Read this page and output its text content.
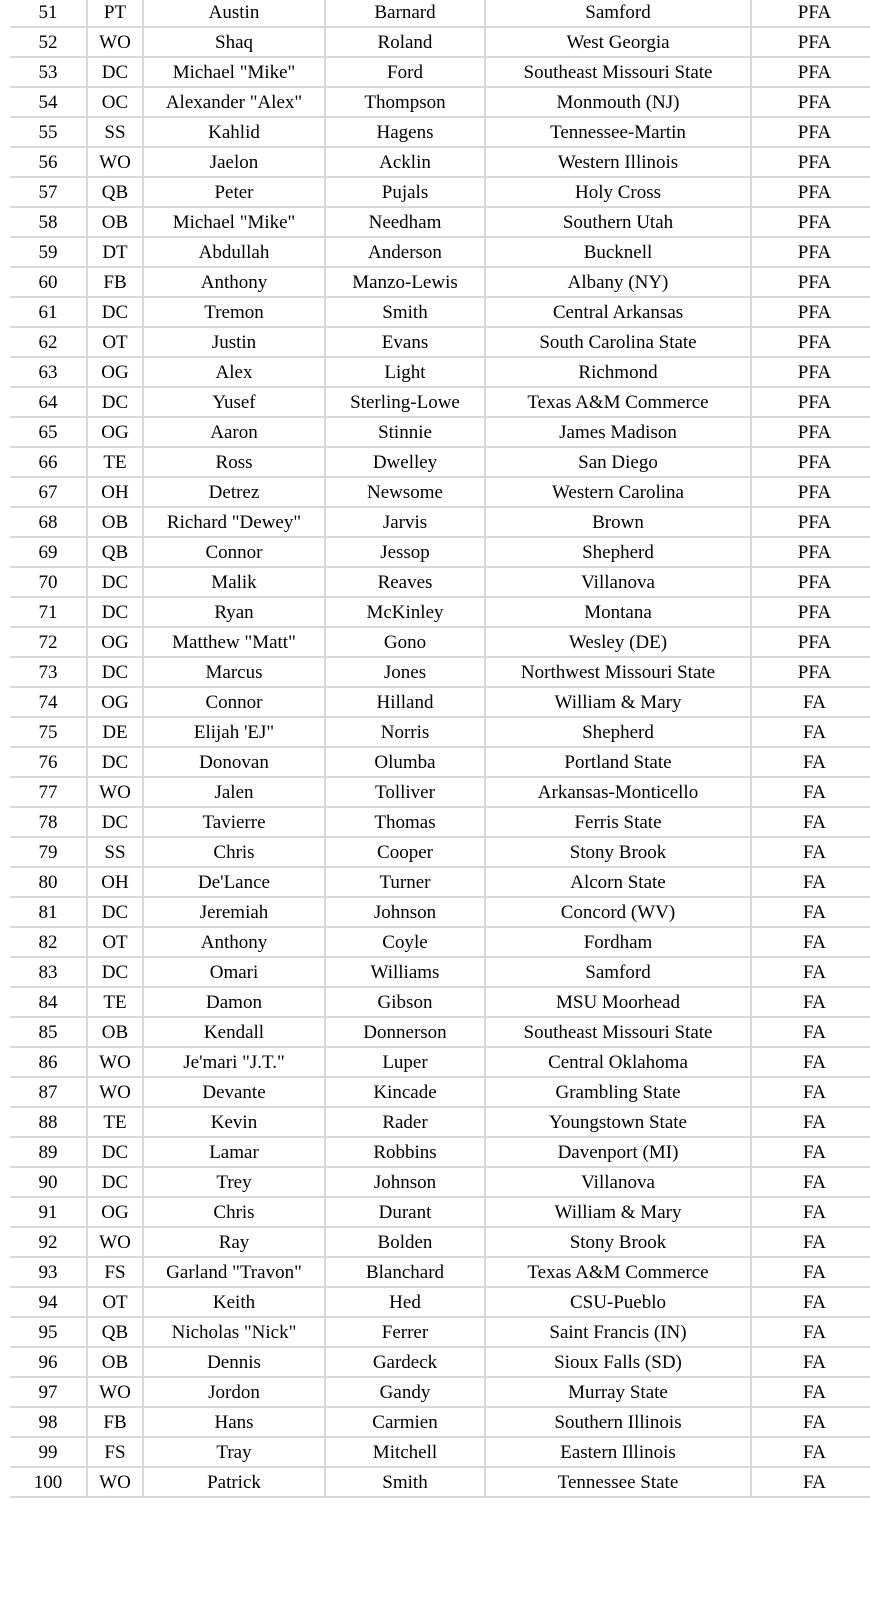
51	PT	Austin	Barnard	Samford	PFA
52	WO	Shaq	Roland	West Georgia	PFA
53	DC	Michael "Mike"	Ford	Southeast Missouri State	PFA
54	OC	Alexander "Alex"	Thompson	Monmouth (NJ)	PFA
55	SS	Kahlid	Hagens	Tennessee-Martin	PFA
56	WO	Jaelon	Acklin	Western Illinois	PFA
57	QB	Peter	Pujals	Holy Cross	PFA
58	OB	Michael "Mike"	Needham	Southern Utah	PFA
59	DT	Abdullah	Anderson	Bucknell	PFA
60	FB	Anthony	Manzo-Lewis	Albany (NY)	PFA
61	DC	Tremon	Smith	Central Arkansas	PFA
62	OT	Justin	Evans	South Carolina State	PFA
63	OG	Alex	Light	Richmond	PFA
64	DC	Yusef	Sterling-Lowe	Texas A&M Commerce	PFA
65	OG	Aaron	Stinnie	James Madison	PFA
66	TE	Ross	Dwelley	San Diego	PFA
67	OH	Detrez	Newsome	Western Carolina	PFA
68	OB	Richard "Dewey"	Jarvis	Brown	PFA
69	QB	Connor	Jessop	Shepherd	PFA
70	DC	Malik	Reaves	Villanova	PFA
71	DC	Ryan	McKinley	Montana	PFA
72	OG	Matthew "Matt"	Gono	Wesley (DE)	PFA
73	DC	Marcus	Jones	Northwest Missouri State	PFA
74	OG	Connor	Hilland	William & Mary	FA
75	DE	Elijah 'EJ"	Norris	Shepherd	FA
76	DC	Donovan	Olumba	Portland State	FA
77	WO	Jalen	Tolliver	Arkansas-Monticello	FA
78	DC	Tavierre	Thomas	Ferris State	FA
79	SS	Chris	Cooper	Stony Brook	FA
80	OH	De'Lance	Turner	Alcorn State	FA
81	DC	Jeremiah	Johnson	Concord (WV)	FA
82	OT	Anthony	Coyle	Fordham	FA
83	DC	Omari	Williams	Samford	FA
84	TE	Damon	Gibson	MSU Moorhead	FA
85	OB	Kendall	Donnerson	Southeast Missouri State	FA
86	WO	Je'mari "J.T."	Luper	Central Oklahoma	FA
87	WO	Devante	Kincade	Grambling State	FA
88	TE	Kevin	Rader	Youngstown State	FA
89	DC	Lamar	Robbins	Davenport (MI)	FA
90	DC	Trey	Johnson	Villanova	FA
91	OG	Chris	Durant	William & Mary	FA
92	WO	Ray	Bolden	Stony Brook	FA
93	FS	Garland "Travon"	Blanchard	Texas A&M Commerce	FA
94	OT	Keith	Hed	CSU-Pueblo	FA
95	QB	Nicholas "Nick"	Ferrer	Saint Francis (IN)	FA
96	OB	Dennis	Gardeck	Sioux Falls (SD)	FA
97	WO	Jordon	Gandy	Murray State	FA
98	FB	Hans	Carmien	Southern Illinois	FA
99	FS	Tray	Mitchell	Eastern Illinois	FA
100	WO	Patrick	Smith	Tennessee State	FA
